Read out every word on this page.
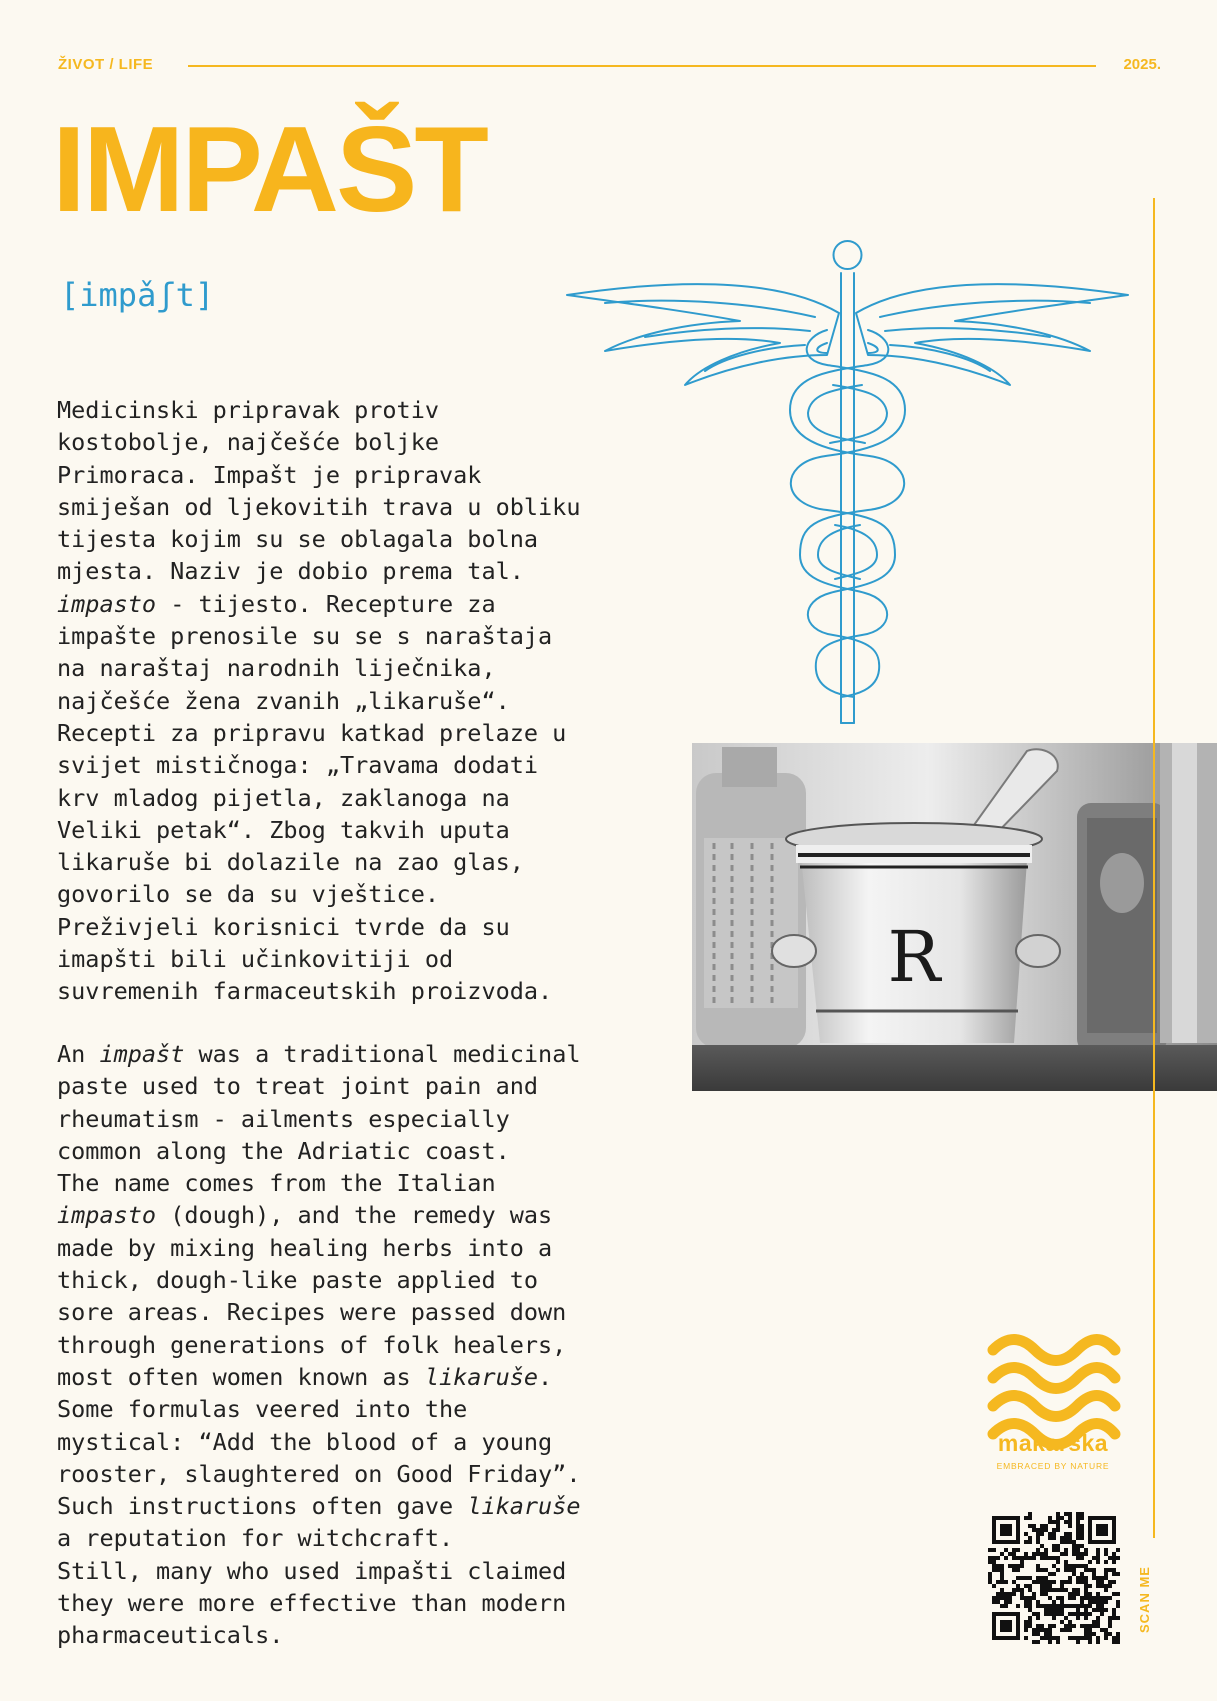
ŽIVOT / LIFE	2025.
IMPAŠT
[impǎʃt]
Medicinski pripravak protiv
kostobolje, najčešće boljke
Primoraca. Impašt je pripravak
smiješan od ljekovitih trava u obliku
tijesta kojim su se oblagala bolna
mjesta. Naziv je dobio prema tal.
impasto - tijesto. Recepture za
impašte prenosile su se s naraštaja
na naraštaj narodnih liječnika,
najčešće žena zvanih „likaruše“.
Recepti za pripravu katkad prelaze u
svijet mističnoga: „Travama dodati
krv mladog pijetla, zaklanoga na
Veliki petak“. Zbog takvih uputa
likaruše bi dolazile na zao glas,
govorilo se da su vještice.
Preživjeli korisnici tvrde da su
imapšti bili učinkovitiji od
suvremenih farmaceutskih proizvoda.
An impašt was a traditional medicinal
paste used to treat joint pain and
rheumatism - ailments especially
common along the Adriatic coast.
The name comes from the Italian
impasto (dough), and the remedy was
made by mixing healing herbs into a
thick, dough-like paste applied to
sore areas. Recipes were passed down
through generations of folk healers,
most often women known as likaruše.
Some formulas veered into the
mystical: “Add the blood of a young
rooster, slaughtered on Good Friday”.
Such instructions often gave likaruše
a reputation for witchcraft.
Still, many who used impašti claimed
they were more effective than modern
pharmaceuticals.
R
makarska
EMBRACED BY NATURE
SCAN ME
